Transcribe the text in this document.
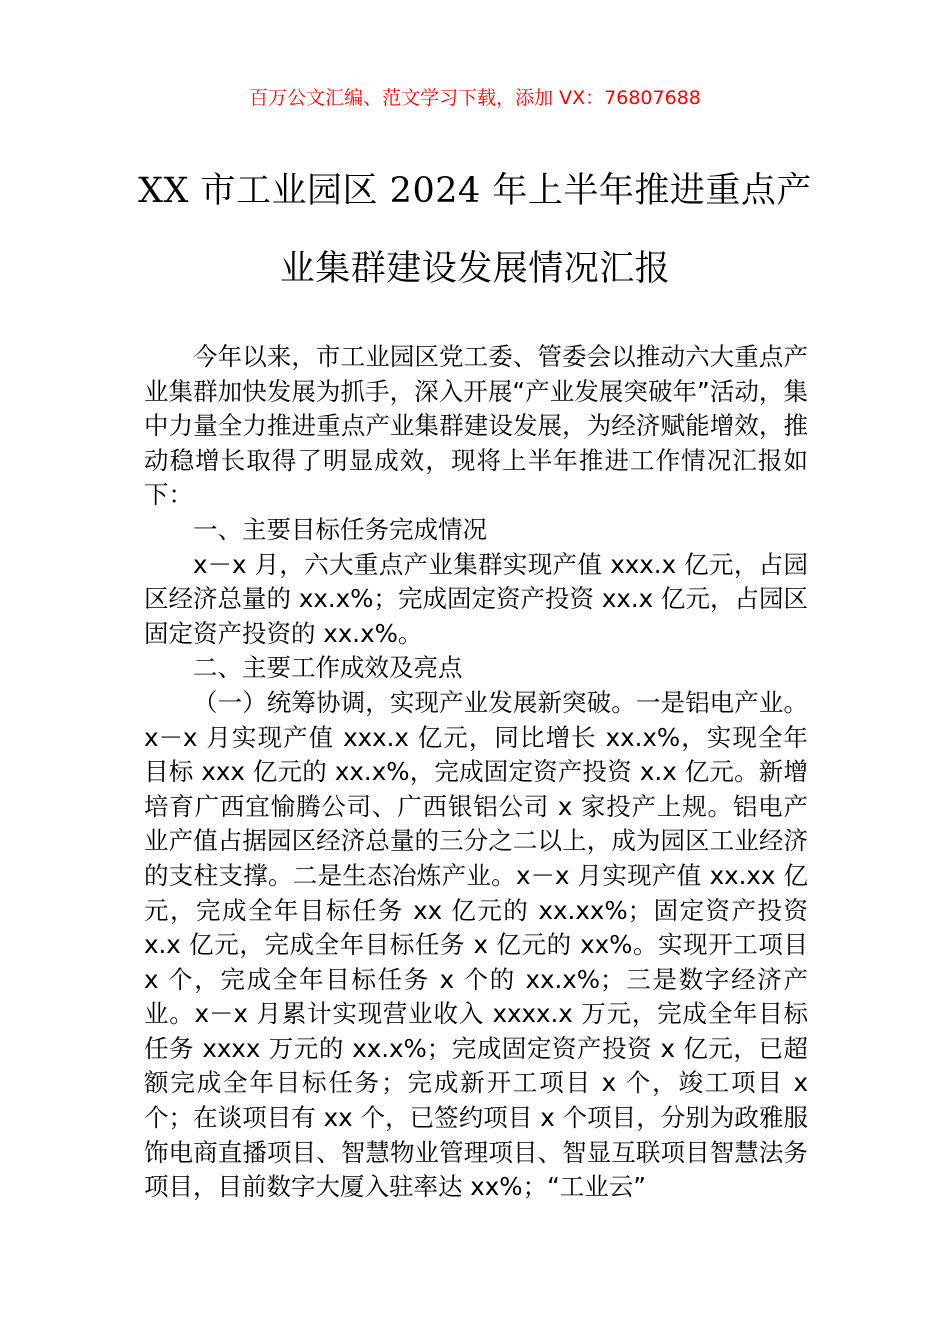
百万公文汇编、范文学习下载，添加 VX：76807688
XX 市工业园区 2024 年上半年推进重点产
业集群建设发展情况汇报

今年以来，市工业园区党工委、管委会以推动六大重点产业集群加快发展为抓手，深入开展“产业发展突破年”活动，集中力量全力推进重点产业集群建设发展，为经济赋能增效，推动稳增长取得了明显成效，现将上半年推进工作情况汇报如下：

一、主要目标任务完成情况

x－x 月，六大重点产业集群实现产值 xxx.x 亿元，占园区经济总量的 xx.x%；完成固定资产投资 xx.x 亿元，占园区固定资产投资的 xx.x%。

二、主要工作成效及亮点

（一）统筹协调，实现产业发展新突破。一是铝电产业。x－x 月实现产值 xxx.x 亿元，同比增长 xx.x%，实现全年目标 xxx 亿元的 xx.x%，完成固定资产投资 x.x 亿元。新增培育广西宜愉腾公司、广西银铝公司 x 家投产上规。铝电产业产值占据园区经济总量的三分之二以上，成为园区工业经济的支柱支撑。二是生态冶炼产业。x－x 月实现产值 xx.xx 亿元，完成全年目标任务 xx 亿元的 xx.xx%；固定资产投资 x.x 亿元，完成全年目标任务 x 亿元的 xx%。实现开工项目 x 个，完成全年目标任务 x 个的 xx.x%；三是数字经济产业。x－x 月累计实现营业收入 xxxx.x 万元，完成全年目标任务 xxxx 万元的 xx.x%；完成固定资产投资 x 亿元，已超额完成全年目标任务；完成新开工项目 x 个，竣工项目 x 个；在谈项目有 xx 个，已签约项目 x 个项目，分别为政雅服饰电商直播项目、智慧物业管理项目、智显互联项目智慧法务项目，目前数字大厦入驻率达 xx%；“工业云”
